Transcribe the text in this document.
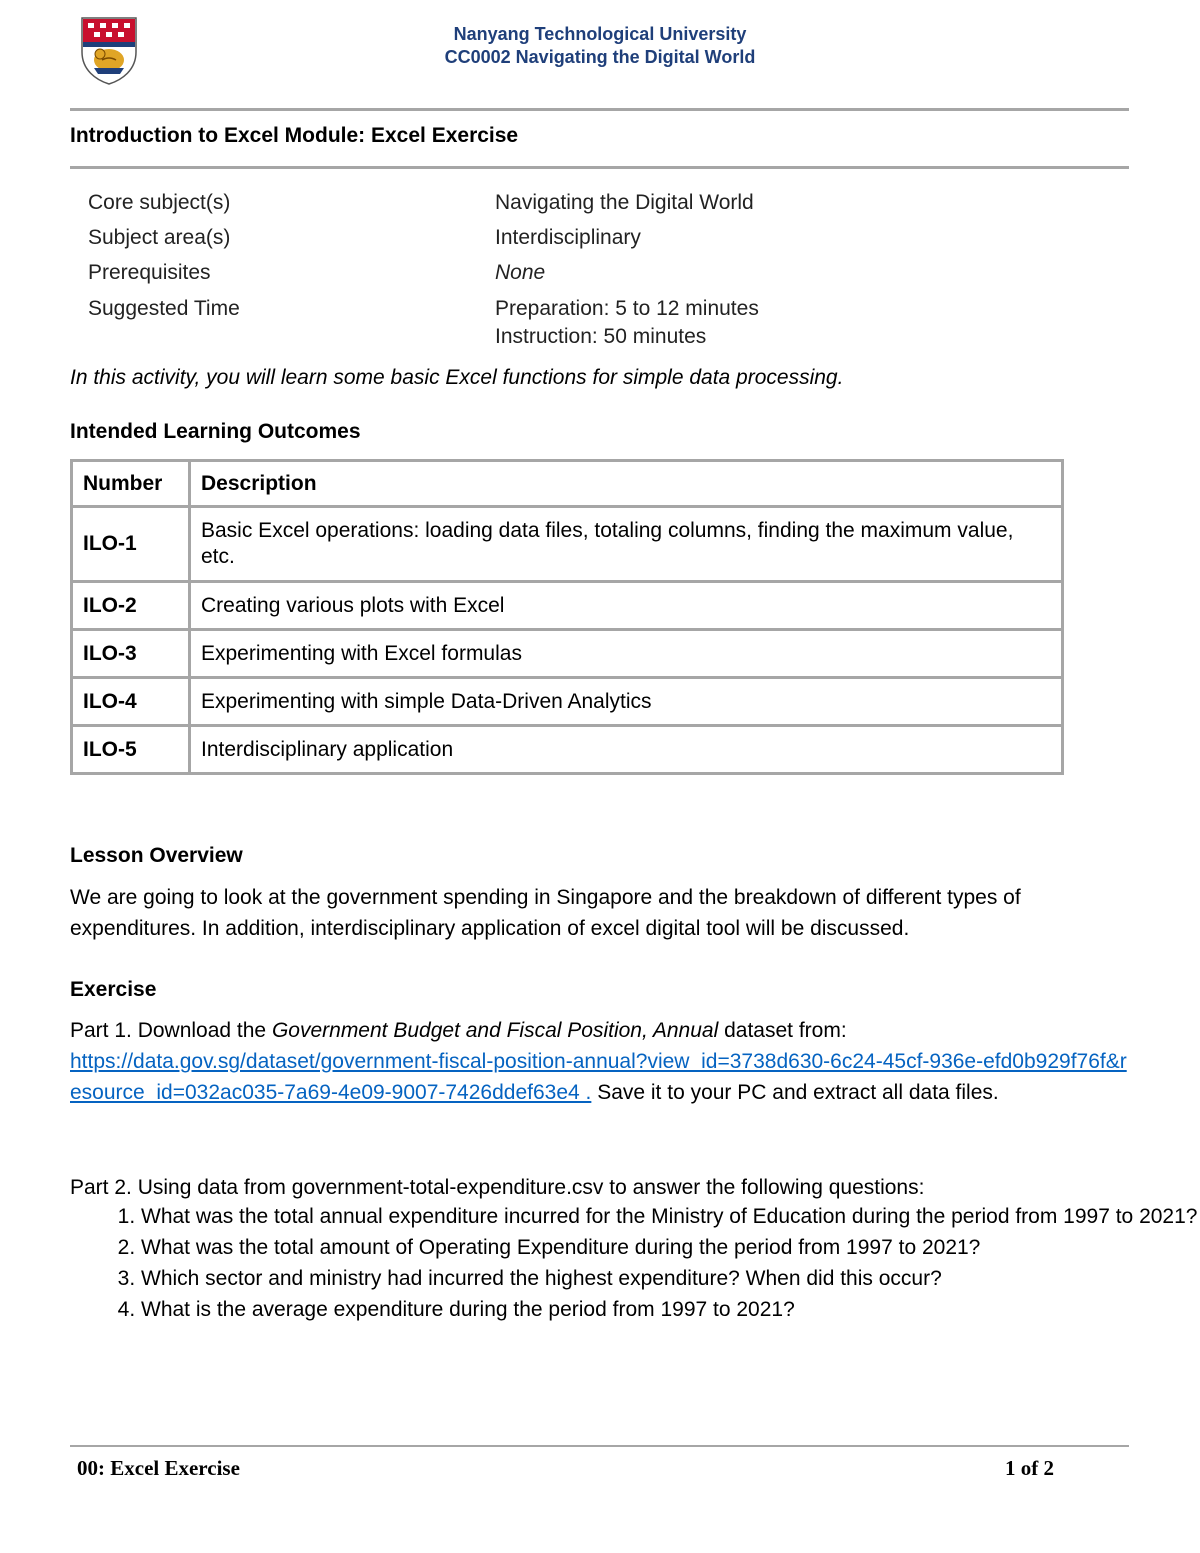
Nanyang Technological University
CC0002 Navigating the Digital World
Introduction to Excel Module: Excel Exercise
Core subject(s)	Navigating the Digital World
Subject area(s)	Interdisciplinary
Prerequisites	None
Suggested Time	Preparation: 5 to 12 minutes
Instruction: 50 minutes
In this activity, you will learn some basic Excel functions for simple data processing.
Intended Learning Outcomes
Number	Description
ILO-1	Basic Excel operations: loading data files, totaling columns, finding the maximum value, etc.
ILO-2	Creating various plots with Excel
ILO-3	Experimenting with Excel formulas
ILO-4	Experimenting with simple Data-Driven Analytics
ILO-5	Interdisciplinary application
Lesson Overview
We are going to look at the government spending in Singapore and the breakdown of different types of expenditures. In addition, interdisciplinary application of excel digital tool will be discussed.
Exercise
Part 1. Download the Government Budget and Fiscal Position, Annual dataset from:
https://data.gov.sg/dataset/government-fiscal-position-annual?view_id=3738d630-6c24-45cf-936e-efd0b929f76f&resource_id=032ac035-7a69-4e09-9007-7426ddef63e4 . Save it to your PC and extract all data files.
Part 2. Using data from government-total-expenditure.csv to answer the following questions:
1. What was the total annual expenditure incurred for the Ministry of Education during the period from 1997 to 2021?
2. What was the total amount of Operating Expenditure during the period from 1997 to 2021?
3. Which sector and ministry had incurred the highest expenditure? When did this occur?
4. What is the average expenditure during the period from 1997 to 2021?
00: Excel Exercise	1 of 2
